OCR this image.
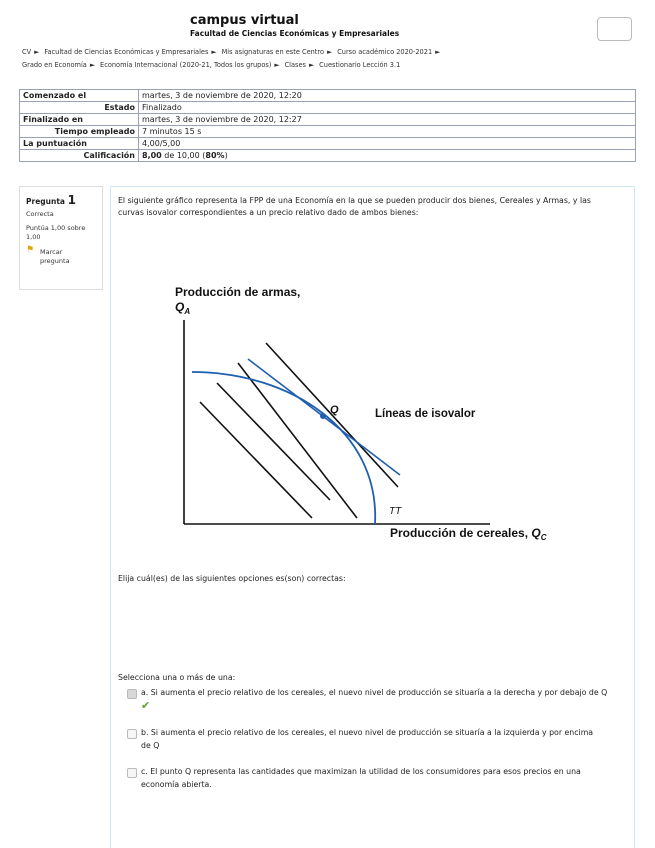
campus virtual
Facultad de Ciencias Económicas y Empresariales
CV ► Facultad de Ciencias Económicas y Empresariales ► Mis asignaturas en este Centro ► Curso académico 2020-2021 ►
Grado en Economía ► Economía Internacional (2020-21, Todos los grupos) ► Clases ► Cuestionario Lección 3.1
Comenzado el	martes, 3 de noviembre de 2020, 12:20
Estado	Finalizado
Finalizado en	martes, 3 de noviembre de 2020, 12:27
Tiempo empleado	7 minutos 15 s
La puntuación	4,00/5,00
Calificación	8,00 de 10,00 (80%)
Pregunta 1
Correcta
Puntúa 1,00 sobre 1,00
⚑ Marcar pregunta
El siguiente gráfico representa la FPP de una Economía en la que se pueden producir dos bienes, Cereales y Armas, y las curvas isovalor correspondientes a un precio relativo dado de ambos bienes:
Producción de armas,
$Q_A$
Q	Líneas de isovalor
TT
Producción de cereales, $Q_C$
Elija cuál(es) de las siguientes opciones es(son) correctas:
Selecciona una o más de una:
a. Si aumenta el precio relativo de los cereales, el nuevo nivel de producción se situaría a la derecha y por debajo de Q ✔
b. Si aumenta el precio relativo de los cereales, el nuevo nivel de producción se situaría a la izquierda y por encima de Q
c. El punto Q representa las cantidades que maximizan la utilidad de los consumidores para esos precios en una economía abierta.
